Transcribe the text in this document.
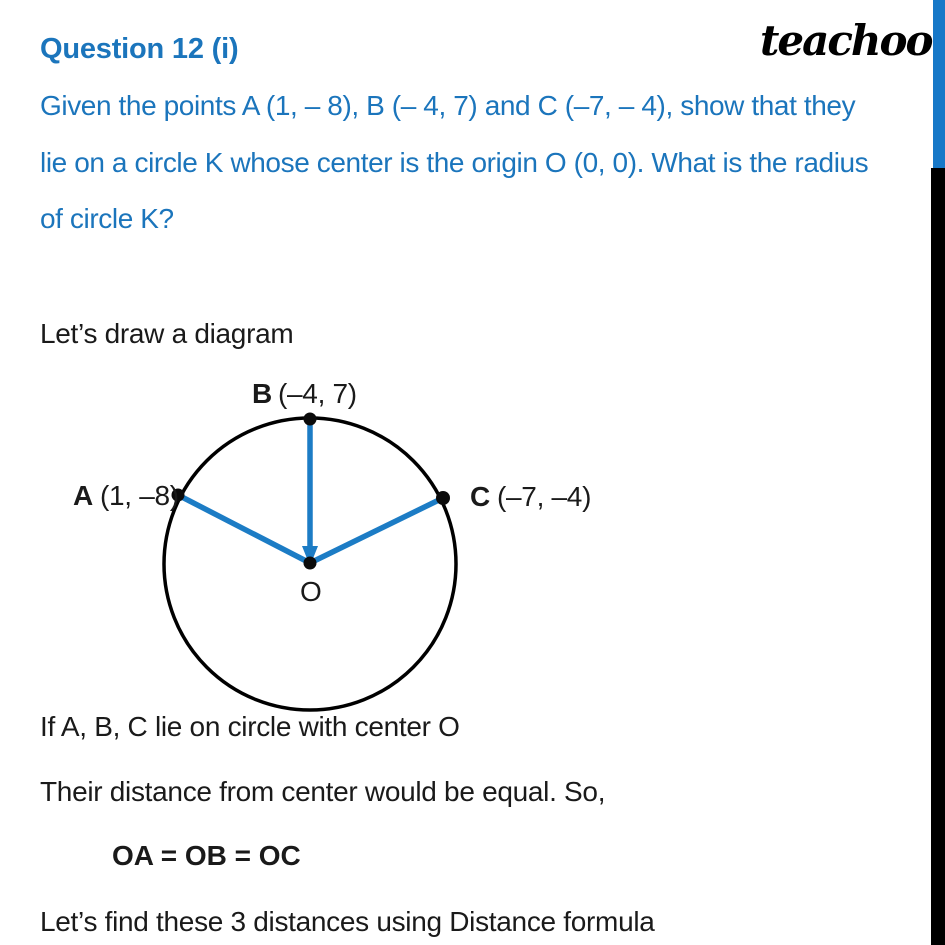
Question 12 (i)	teachoo
Given the points A (1, – 8), B (– 4, 7) and C (–7, – 4), show that they
lie on a circle K whose center is the origin O (0, 0). What is the radius
of circle K?
Let’s draw a diagram
B (–4, 7)
A (1, –8)	C (–7, –4)
O
If A, B, C lie on circle with center O
Their distance from center would be equal. So,
OA = OB = OC
Let’s find these 3 distances using Distance formula
